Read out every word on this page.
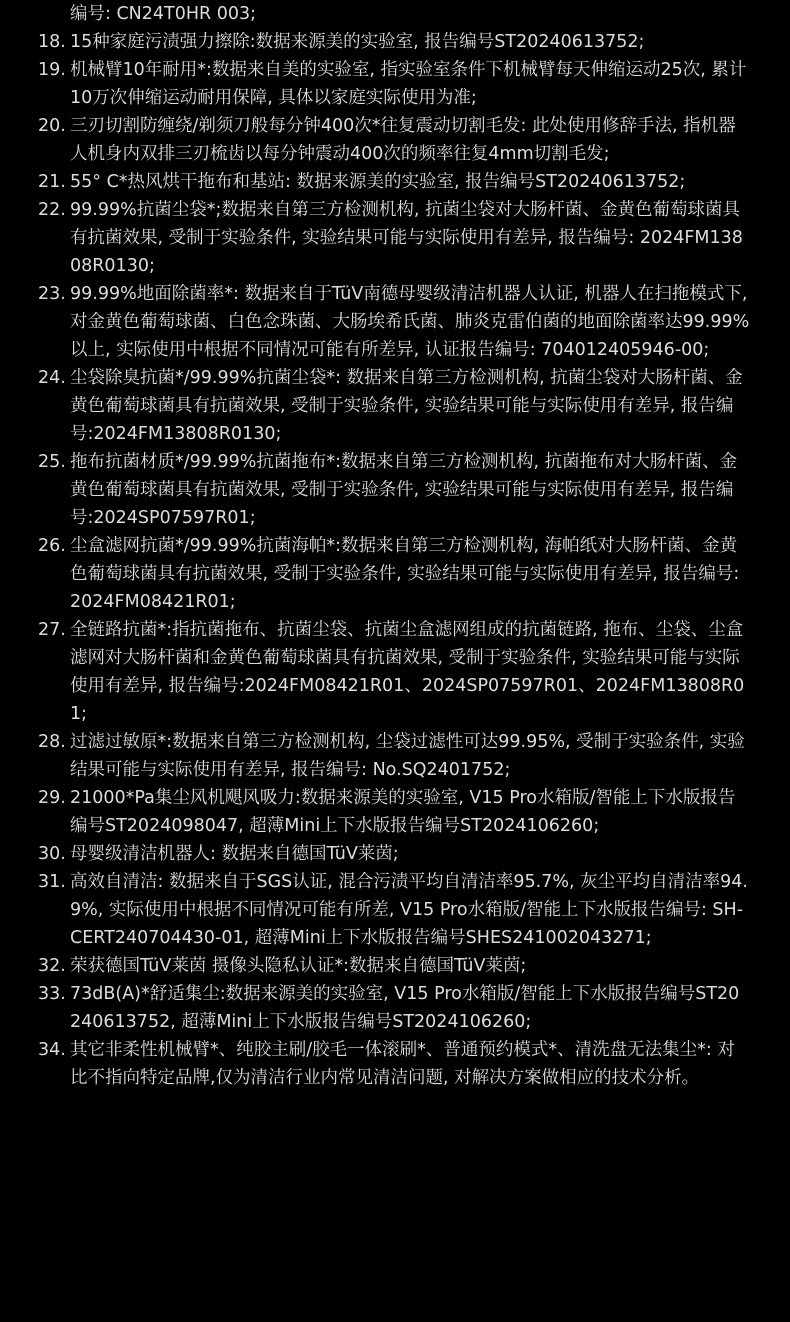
编号: CN24T0HR 003;
18. 15种家庭污渍强力擦除:数据来源美的实验室, 报告编号ST20240613752;
19. 机械臂10年耐用*:数据来自美的实验室, 指实验室条件下机械臂每天伸缩运动25次, 累计10万次伸缩运动耐用保障, 具体以家庭实际使用为准;
20. 三刃切割防缠绕/剃须刀般每分钟400次*往复震动切割毛发: 此处使用修辞手法, 指机器人机身内双排三刃梳齿以每分钟震动400次的频率往复4mm切割毛发;
21. 55° C*热风烘干拖布和基站: 数据来源美的实验室, 报告编号ST20240613752;
22. 99.99%抗菌尘袋*;数据来自第三方检测机构, 抗菌尘袋对大肠杆菌、金黄色葡萄球菌具有抗菌效果, 受制于实验条件, 实验结果可能与实际使用有差异, 报告编号: 2024FM13808R0130;
23. 99.99%地面除菌率*: 数据来自于TüV南德母婴级清洁机器人认证, 机器人在扫拖模式下, 对金黄色葡萄球菌、白色念珠菌、大肠埃希氏菌、肺炎克雷伯菌的地面除菌率达99.99%以上, 实际使用中根据不同情况可能有所差异, 认证报告编号: 704012405946-00;
24. 尘袋除臭抗菌*/99.99%抗菌尘袋*: 数据来自第三方检测机构, 抗菌尘袋对大肠杆菌、金黄色葡萄球菌具有抗菌效果, 受制于实验条件, 实验结果可能与实际使用有差异, 报告编号:2024FM13808R0130;
25. 拖布抗菌材质*/99.99%抗菌拖布*:数据来自第三方检测机构, 抗菌拖布对大肠杆菌、金黄色葡萄球菌具有抗菌效果, 受制于实验条件, 实验结果可能与实际使用有差异, 报告编号:2024SP07597R01;
26. 尘盒滤网抗菌*/99.99%抗菌海帕*:数据来自第三方检测机构, 海帕纸对大肠杆菌、金黄色葡萄球菌具有抗菌效果, 受制于实验条件, 实验结果可能与实际使用有差异, 报告编号:2024FM08421R01;
27. 全链路抗菌*:指抗菌拖布、抗菌尘袋、抗菌尘盒滤网组成的抗菌链路, 拖布、尘袋、尘盒滤网对大肠杆菌和金黄色葡萄球菌具有抗菌效果, 受制于实验条件, 实验结果可能与实际使用有差异, 报告编号:2024FM08421R01、2024SP07597R01、2024FM13808R01;
28. 过滤过敏原*:数据来自第三方检测机构, 尘袋过滤性可达99.95%, 受制于实验条件, 实验结果可能与实际使用有差异, 报告编号: No.SQ2401752;
29. 21000*Pa集尘风机飓风吸力:数据来源美的实验室, V15 Pro水箱版/智能上下水版报告编号ST2024098047, 超薄Mini上下水版报告编号ST2024106260;
30. 母婴级清洁机器人: 数据来自德国TüV莱茵;
31. 高效自清洁: 数据来自于SGS认证, 混合污渍平均自清洁率95.7%, 灰尘平均自清洁率94.9%, 实际使用中根据不同情况可能有所差, V15 Pro水箱版/智能上下水版报告编号: SH-CERT240704430-01, 超薄Mini上下水版报告编号SHES241002043271;
32. 荣获德国TüV莱茵 摄像头隐私认证*:数据来自德国TüV莱茵;
33. 73dB(A)*舒适集尘:数据来源美的实验室, V15 Pro水箱版/智能上下水版报告编号ST20240613752, 超薄Mini上下水版报告编号ST2024106260;
34. 其它非柔性机械臂*、纯胶主刷/胶毛一体滚刷*、普通预约模式*、清洗盘无法集尘*: 对比不指向特定品牌,仅为清洁行业内常见清洁问题, 对解决方案做相应的技术分析。
